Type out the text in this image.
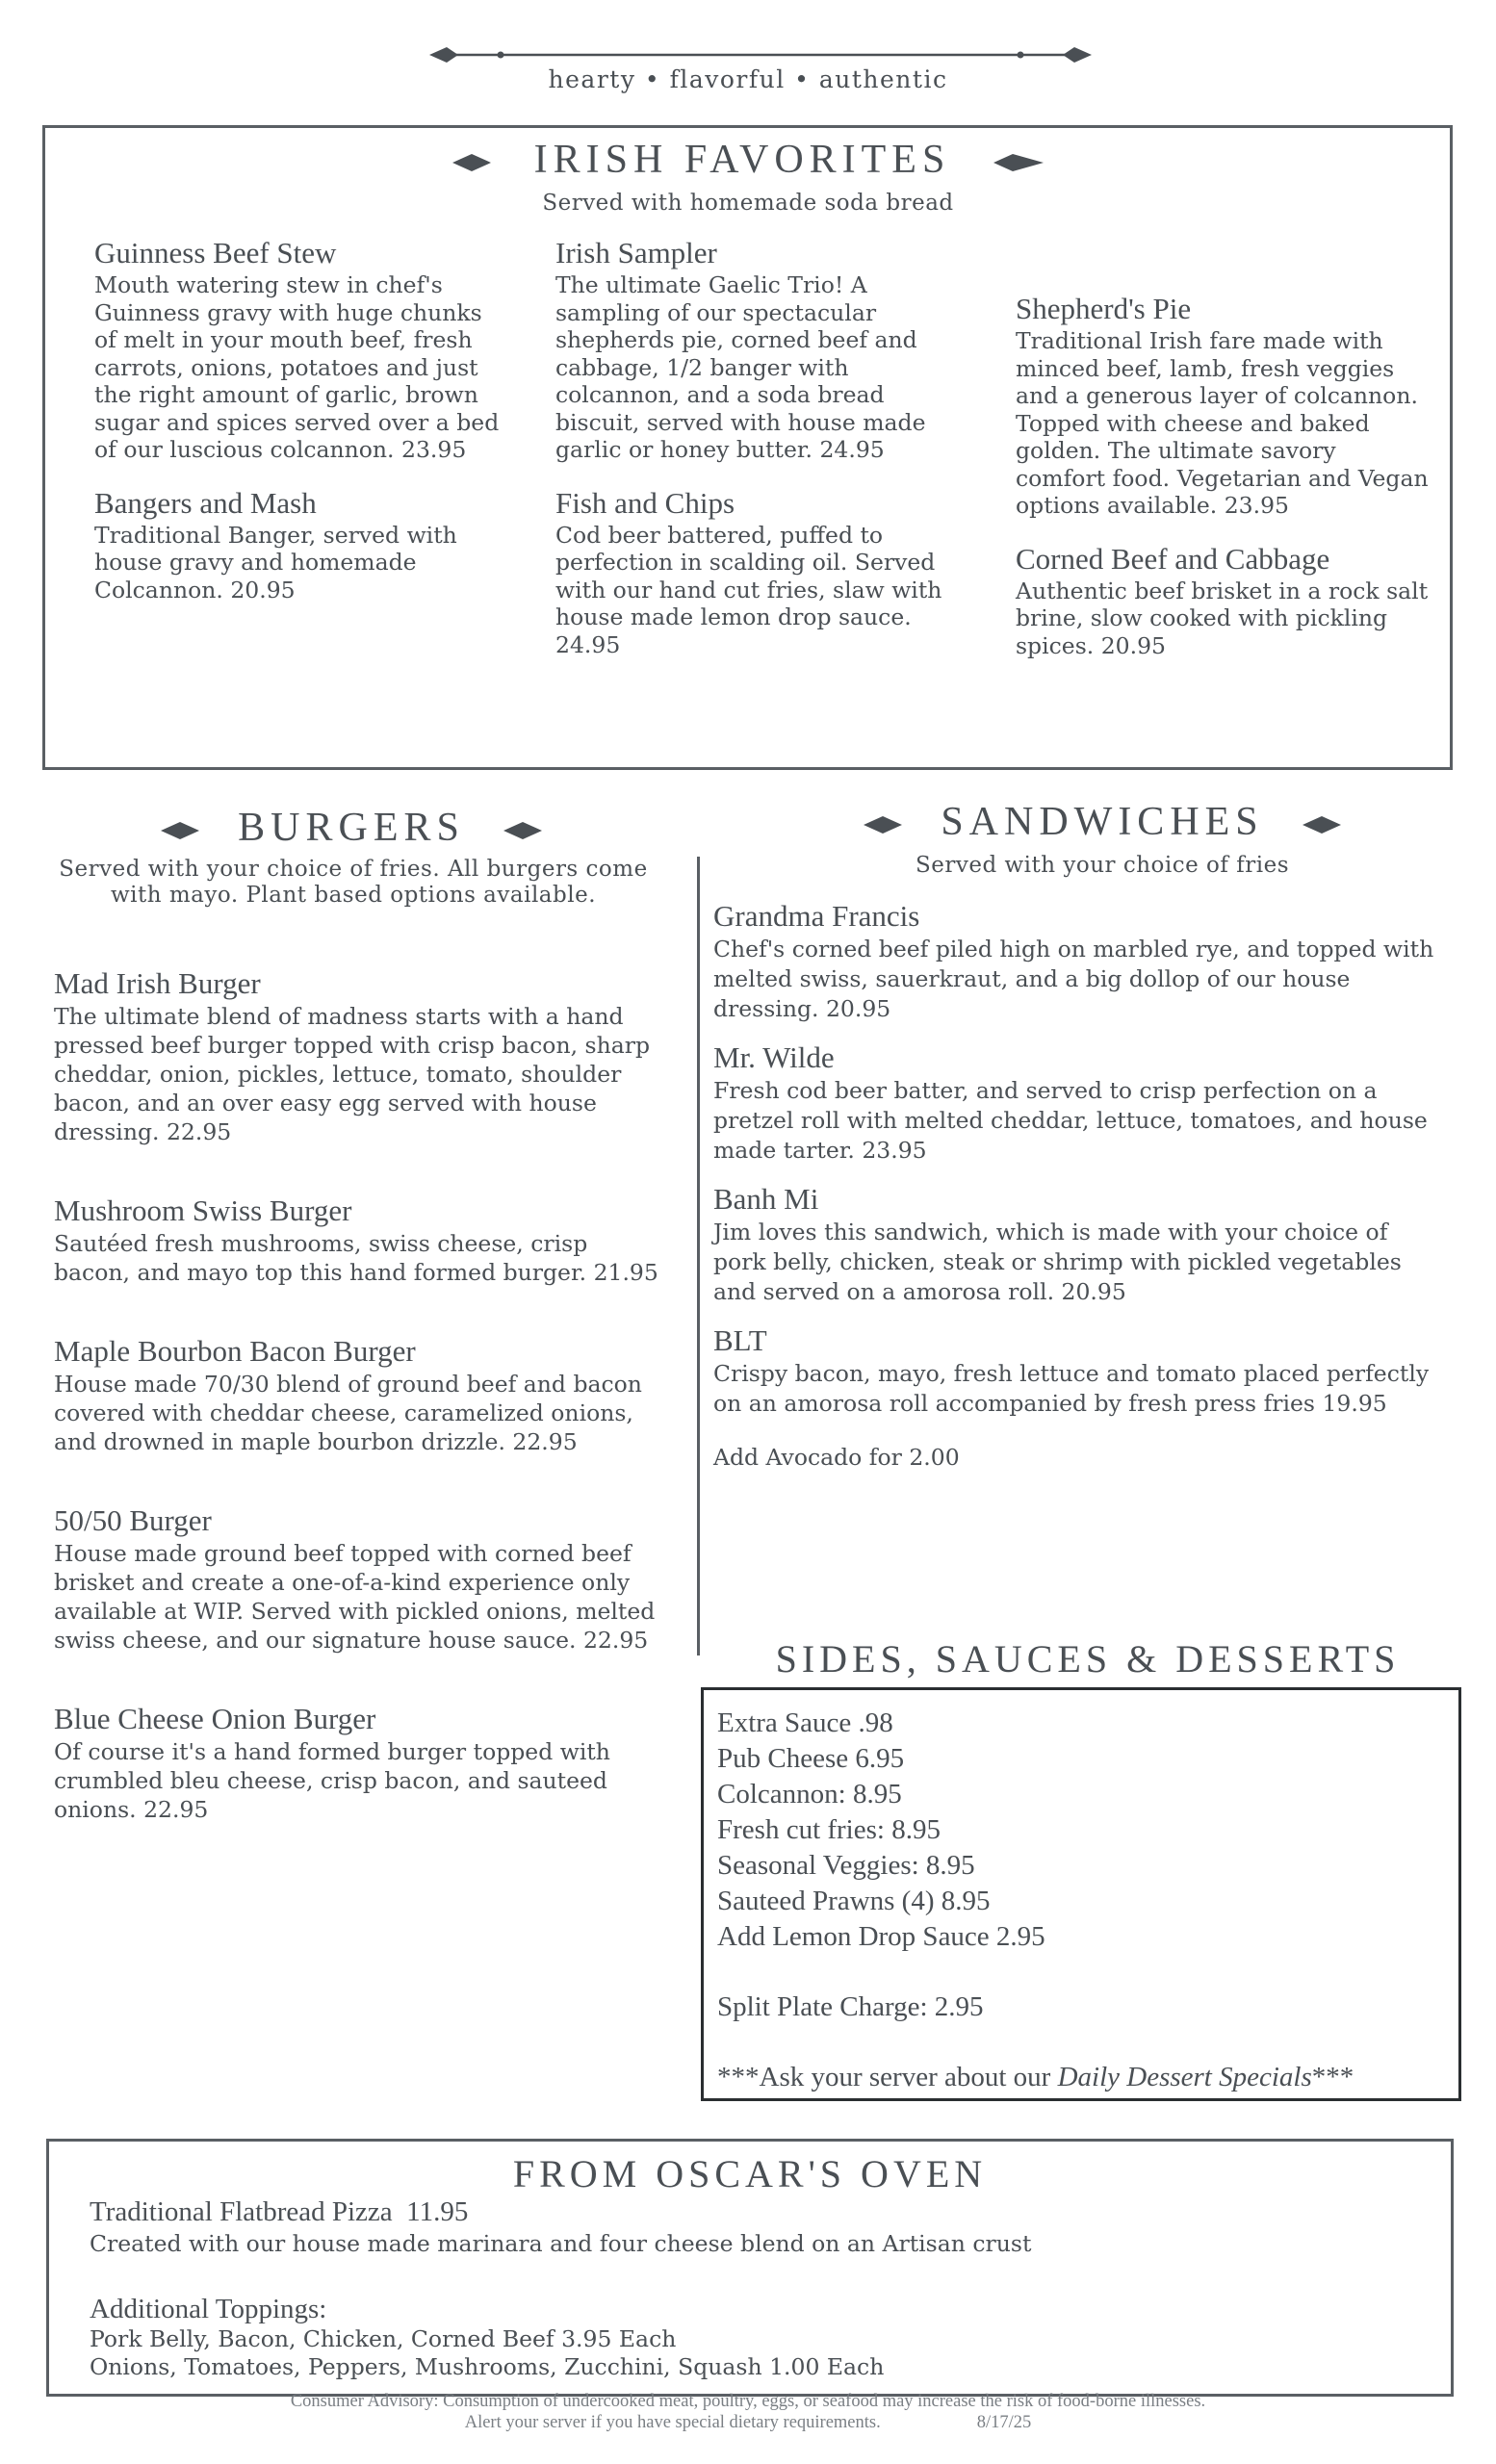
hearty • flavorful • authentic
IRISH FAVORITES
Served with homemade soda bread

Guinness Beef Stew

Mouth watering stew in chef's Guinness gravy with huge chunks of melt in your mouth beef, fresh carrots, onions, potatoes and just the right amount of garlic, brown sugar and spices served over a bed of our luscious colcannon. 23.95

Bangers and Mash

Traditional Banger, served with house gravy and homemade Colcannon. 20.95

Irish Sampler

The ultimate Gaelic Trio! A sampling of our spectacular shepherds pie, corned beef and cabbage, 1/2 banger with colcannon, and a soda bread biscuit, served with house made garlic or honey butter. 24.95

Fish and Chips

Cod beer battered, puffed to perfection in scalding oil. Served with our hand cut fries, slaw with house made lemon drop sauce. 24.95

Shepherd's Pie

Traditional Irish fare made with minced beef, lamb, fresh veggies and a generous layer of colcannon. Topped with cheese and baked golden. The ultimate savory comfort food. Vegetarian and Vegan options available. 23.95

Corned Beef and Cabbage

Authentic beef brisket in a rock salt brine, slow cooked with pickling spices. 20.95

BURGERS
Served with your choice of fries. All burgers come with mayo. Plant based options available.

Mad Irish Burger

The ultimate blend of madness starts with a hand pressed beef burger topped with crisp bacon, sharp cheddar, onion, pickles, lettuce, tomato, shoulder bacon, and an over easy egg served with house dressing. 22.95

Mushroom Swiss Burger

Sautéed fresh mushrooms, swiss cheese, crisp bacon, and mayo top this hand formed burger. 21.95

Maple Bourbon Bacon Burger

House made 70/30 blend of ground beef and bacon covered with cheddar cheese, caramelized onions, and drowned in maple bourbon drizzle. 22.95

50/50 Burger

House made ground beef topped with corned beef brisket and create a one-of-a-kind experience only available at WIP. Served with pickled onions, melted swiss cheese, and our signature house sauce. 22.95

Blue Cheese Onion Burger

Of course it's a hand formed burger topped with crumbled bleu cheese, crisp bacon, and sauteed onions. 22.95

SANDWICHES
Served with your choice of fries

Grandma Francis

Chef's corned beef piled high on marbled rye, and topped with melted swiss, sauerkraut, and a big dollop of our house dressing. 20.95

Mr. Wilde

Fresh cod beer batter, and served to crisp perfection on a pretzel roll with melted cheddar, lettuce, tomatoes, and house made tarter. 23.95

Banh Mi

Jim loves this sandwich, which is made with your choice of pork belly, chicken, steak or shrimp with pickled vegetables and served on a amorosa roll. 20.95

BLT

Crispy bacon, mayo, fresh lettuce and tomato placed perfectly on an amorosa roll accompanied by fresh press fries 19.95

Add Avocado for 2.00

SIDES, SAUCES & DESSERTS

Extra Sauce .98

Pub Cheese 6.95

Colcannon: 8.95

Fresh cut fries: 8.95

Seasonal Veggies: 8.95

Sauteed Prawns (4) 8.95

Add Lemon Drop Sauce 2.95

Split Plate Charge: 2.95

***Ask your server about our Daily Dessert Specials***

FROM OSCAR'S OVEN

Traditional Flatbread Pizza 11.95

Created with our house made marinara and four cheese blend on an Artisan crust

Additional Toppings:

Pork Belly, Bacon, Chicken, Corned Beef 3.95 Each

Onions, Tomatoes, Peppers, Mushrooms, Zucchini, Squash 1.00 Each

Consumer Advisory: Consumption of undercooked meat, poultry, eggs, or seafood may increase the risk of food-borne illnesses.
Alert your server if you have special dietary requirements.	8/17/25
